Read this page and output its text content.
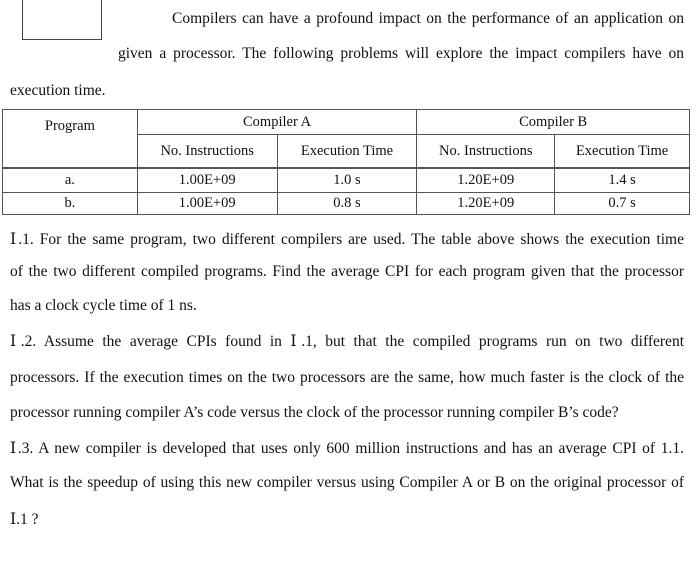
Compilers can have a profound impact on the performance of an application on
given a processor. The following problems will explore the impact compilers have on
execution time.
Program	Compiler A		Compiler B	
	No. Instructions	Execution Time	No. Instructions	Execution Time
a.	1.00E+09	1.0 s	1.20E+09	1.4 s
b.	1.00E+09	0.8 s	1.20E+09	0.7 s
Ⅰ.1. For the same program, two different compilers are used. The table above shows the execution time
of the two different compiled programs. Find the average CPI for each program given that the processor
has a clock cycle time of 1 ns.
Ⅰ.2. Assume the average CPIs found in Ⅰ.1, but that the compiled programs run on two different
processors. If the execution times on the two processors are the same, how much faster is the clock of the
processor running compiler A’s code versus the clock of the processor running compiler B’s code?
Ⅰ.3. A new compiler is developed that uses only 600 million instructions and has an average CPI of 1.1.
What is the speedup of using this new compiler versus using Compiler A or B on the original processor of
Ⅰ.1 ?
